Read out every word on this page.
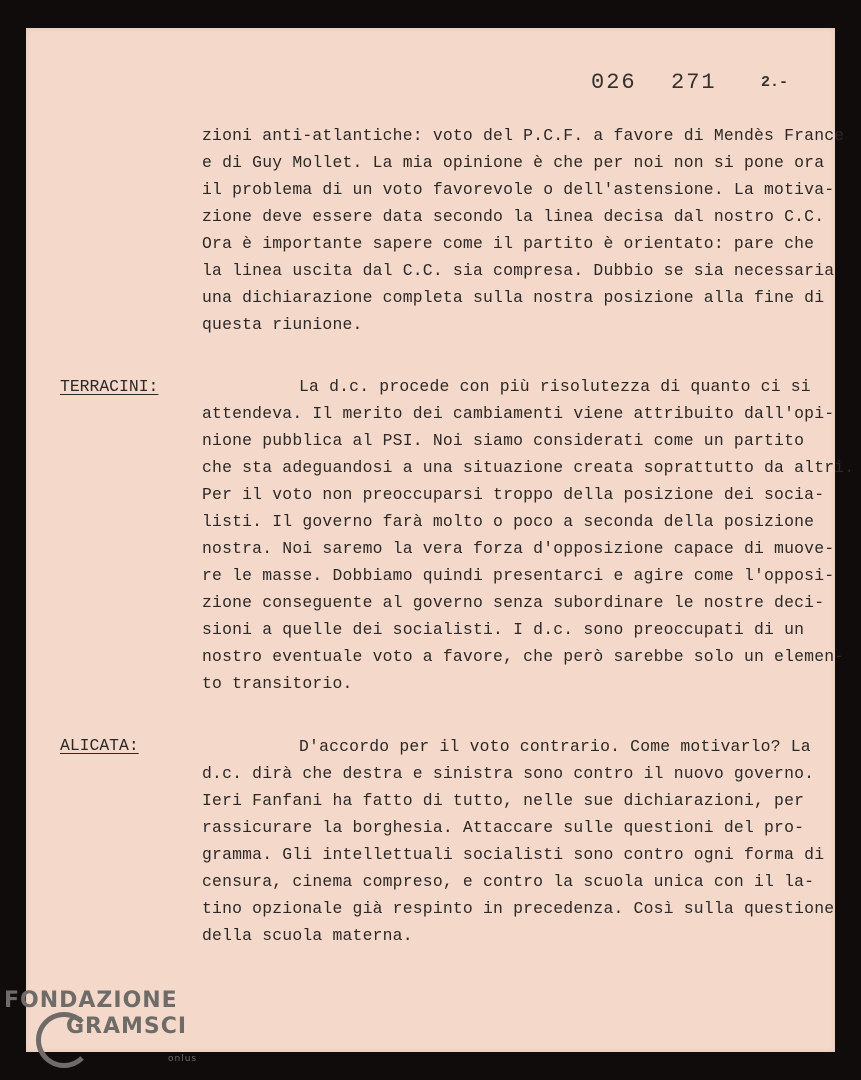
026 271	2.-
zioni anti-atlantiche: voto del P.C.F. a favore di Mendès France
e di Guy Mollet. La mia opinione è che per noi non si pone ora
il problema di un voto favorevole o dell'astensione. La motiva-
zione deve essere data secondo la linea decisa dal nostro C.C.
Ora è importante sapere come il partito è orientato: pare che
la linea uscita dal C.C. sia compresa. Dubbio se sia necessaria
una dichiarazione completa sulla nostra posizione alla fine di
questa riunione.
TERRACINI:	La d.c. procede con più risolutezza di quanto ci si
attendeva. Il merito dei cambiamenti viene attribuito dall'opi-
nione pubblica al PSI. Noi siamo considerati come un partito
che sta adeguandosi a una situazione creata soprattutto da altri.
Per il voto non preoccuparsi troppo della posizione dei socia-
listi. Il governo farà molto o poco a seconda della posizione
nostra. Noi saremo la vera forza d'opposizione capace di muove-
re le masse. Dobbiamo quindi presentarci e agire come l'opposi-
zione conseguente al governo senza subordinare le nostre deci-
sioni a quelle dei socialisti. I d.c. sono preoccupati di un
nostro eventuale voto a favore, che però sarebbe solo un elemen-
to transitorio.
ALICATA:	D'accordo per il voto contrario. Come motivarlo? La
d.c. dirà che destra e sinistra sono contro il nuovo governo.
Ieri Fanfani ha fatto di tutto, nelle sue dichiarazioni, per
rassicurare la borghesia. Attaccare sulle questioni del pro-
gramma. Gli intellettuali socialisti sono contro ogni forma di
censura, cinema compreso, e contro la scuola unica con il la-
tino opzionale già respinto in precedenza. Così sulla questione
della scuola materna.
FONDAZIONE
GRAMSCI
onlus
